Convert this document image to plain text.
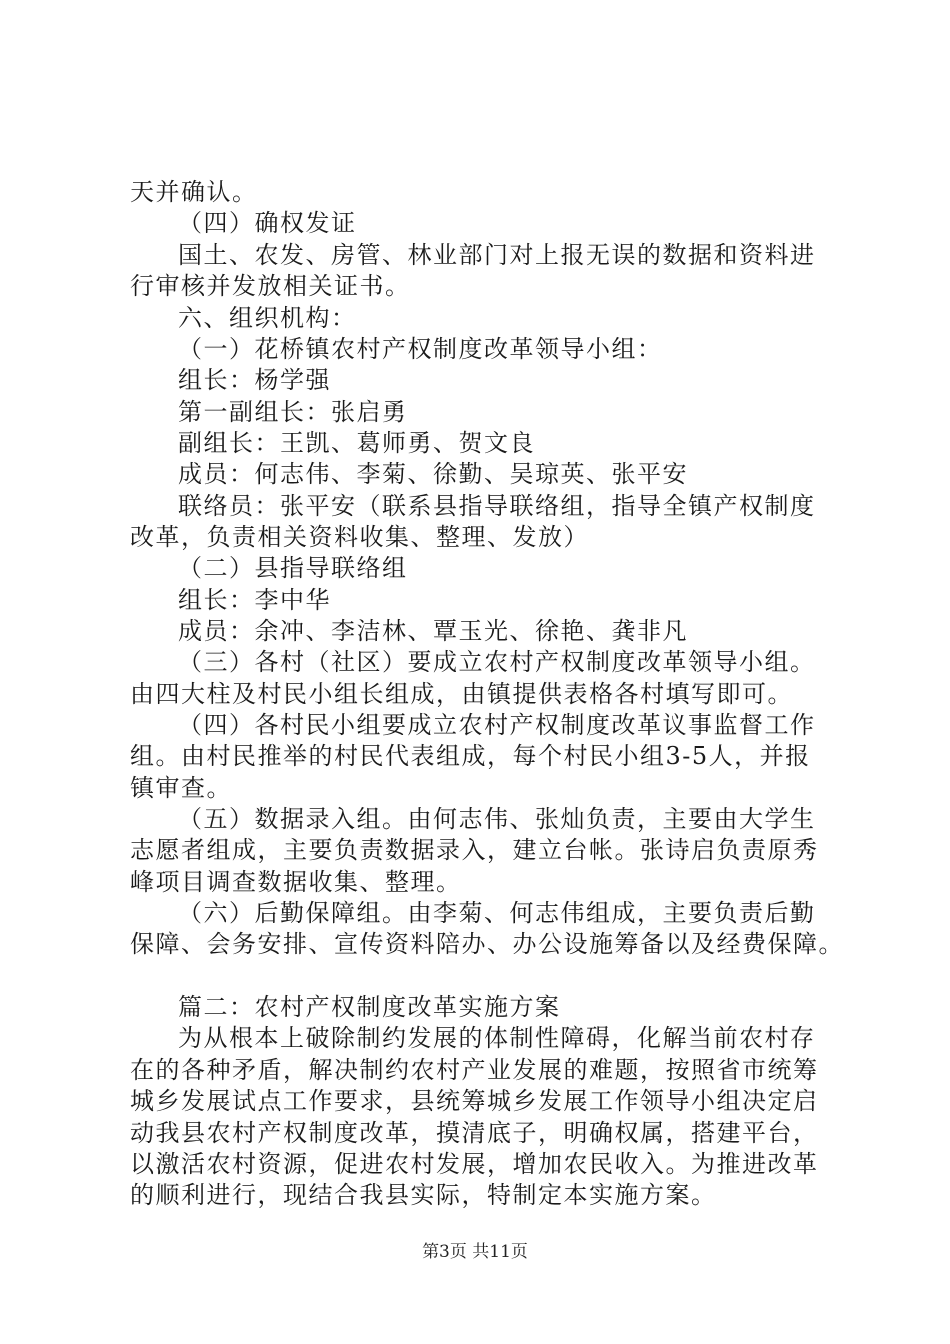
天并确认。
（四）确权发证
国土、农发、房管、林业部门对上报无误的数据和资料进
行审核并发放相关证书。
六、组织机构：
（一）花桥镇农村产权制度改革领导小组：
组长：杨学强
第一副组长：张启勇
副组长：王凯、葛师勇、贺文良
成员：何志伟、李菊、徐勤、吴琼英、张平安
联络员：张平安（联系县指导联络组，指导全镇产权制度
改革，负责相关资料收集、整理、发放）
（二）县指导联络组
组长：李中华
成员：余冲、李洁林、覃玉光、徐艳、龚非凡
（三）各村（社区）要成立农村产权制度改革领导小组。
由四大柱及村民小组长组成，由镇提供表格各村填写即可。
（四）各村民小组要成立农村产权制度改革议事监督工作
组。由村民推举的村民代表组成，每个村民小组3-5人，并报
镇审查。
（五）数据录入组。由何志伟、张灿负责，主要由大学生
志愿者组成，主要负责数据录入，建立台帐。张诗启负责原秀
峰项目调查数据收集、整理。
（六）后勤保障组。由李菊、何志伟组成，主要负责后勤
保障、会务安排、宣传资料陪办、办公设施筹备以及经费保障。
篇二：农村产权制度改革实施方案
为从根本上破除制约发展的体制性障碍，化解当前农村存
在的各种矛盾，解决制约农村产业发展的难题，按照省市统筹
城乡发展试点工作要求，县统筹城乡发展工作领导小组决定启
动我县农村产权制度改革，摸清底子，明确权属，搭建平台，
以激活农村资源，促进农村发展，增加农民收入。为推进改革
的顺利进行，现结合我县实际，特制定本实施方案。
第3页 共11页
